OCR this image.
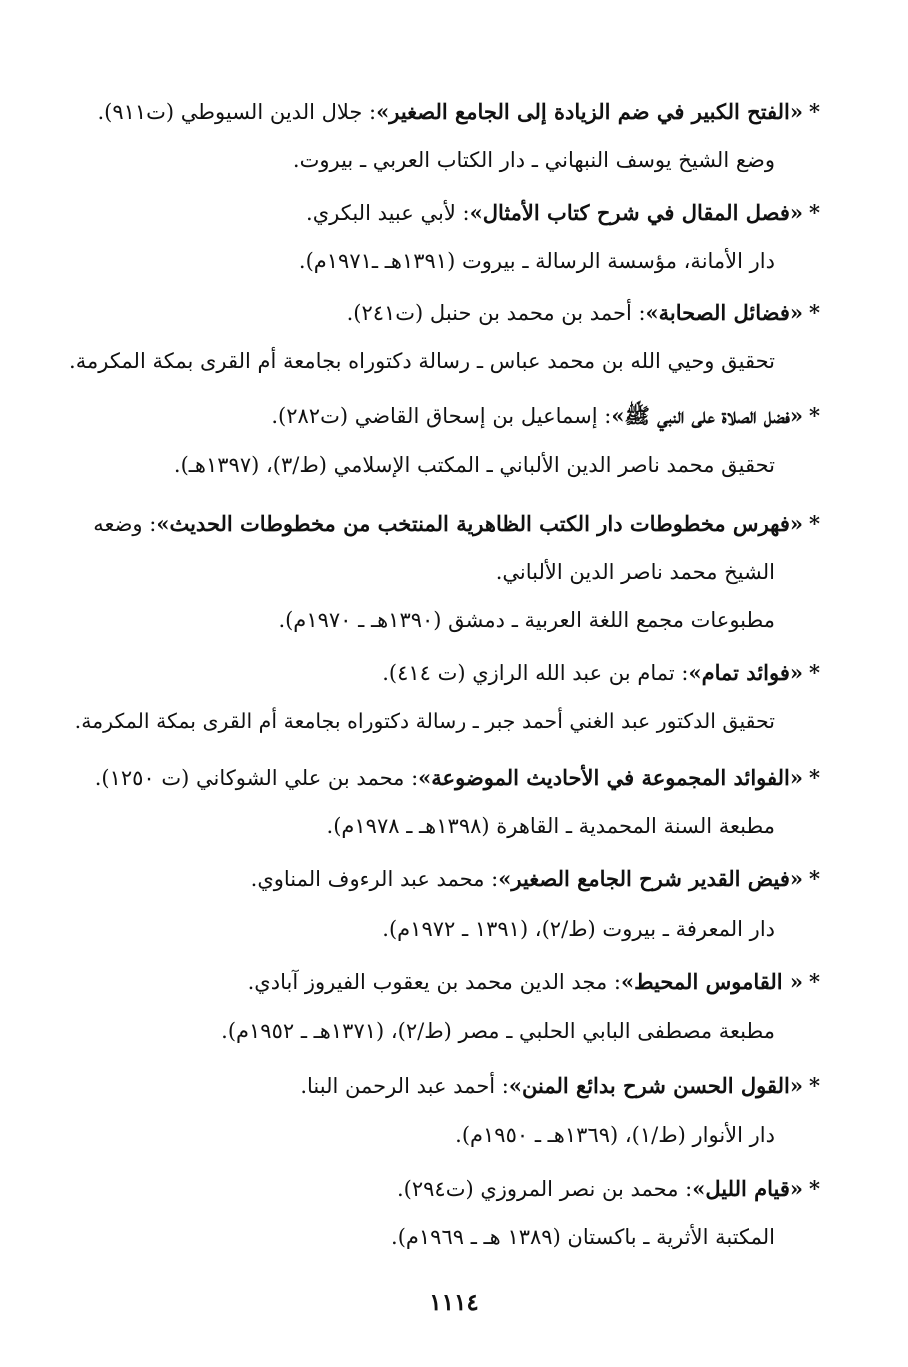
*«الفتح الكبير في ضم الزيادة إلى الجامع الصغير»: جلال الدين السيوطي (ت٩١١).
وضع الشيخ يوسف النبهاني ـ دار الكتاب العربي ـ بيروت.
*«فصل المقال في شرح كتاب الأمثال»: لأبي عبيد البكري.
دار الأمانة، مؤسسة الرسالة ـ بيروت (١٣٩١هـ ـ١٩٧١م).
*«فضائل الصحابة»: أحمد بن محمد بن حنبل (ت٢٤١).
تحقيق وحيي الله بن محمد عباس ـ رسالة دكتوراه بجامعة أم القرى بمكة المكرمة.
*«فضل الصلاة على النبي ﷺ»: إسماعيل بن إسحاق القاضي (ت٢٨٢).
تحقيق محمد ناصر الدين الألباني ـ المكتب الإسلامي (ط/٣)، (١٣٩٧هـ).
*«فهرس مخطوطات دار الكتب الظاهرية المنتخب من مخطوطات الحديث»: وضعه
الشيخ محمد ناصر الدين الألباني.
مطبوعات مجمع اللغة العربية ـ دمشق (١٣٩٠هـ ـ ١٩٧٠م).
*«فوائد تمام»: تمام بن عبد الله الرازي (ت ٤١٤).
تحقيق الدكتور عبد الغني أحمد جبر ـ رسالة دكتوراه بجامعة أم القرى بمكة المكرمة.
*«الفوائد المجموعة في الأحاديث الموضوعة»: محمد بن علي الشوكاني (ت ١٢٥٠).
مطبعة السنة المحمدية ـ القاهرة (١٣٩٨هـ ـ ١٩٧٨م).
*«فيض القدير شرح الجامع الصغير»: محمد عبد الرءوف المناوي.
دار المعرفة ـ بيروت (ط/٢)، (١٣٩١ ـ ١٩٧٢م).
*« القاموس المحيط»: مجد الدين محمد بن يعقوب الفيروز آبادي.
مطبعة مصطفى البابي الحلبي ـ مصر (ط/٢)، (١٣٧١هـ ـ ١٩٥٢م).
*«القول الحسن شرح بدائع المنن»: أحمد عبد الرحمن البنا.
دار الأنوار (ط/١)، (١٣٦٩هـ ـ ١٩٥٠م).
*«قيام الليل»: محمد بن نصر المروزي (ت٢٩٤).
المكتبة الأثرية ـ باكستان (١٣٨٩ هـ ـ ١٩٦٩م).
١١١٤
